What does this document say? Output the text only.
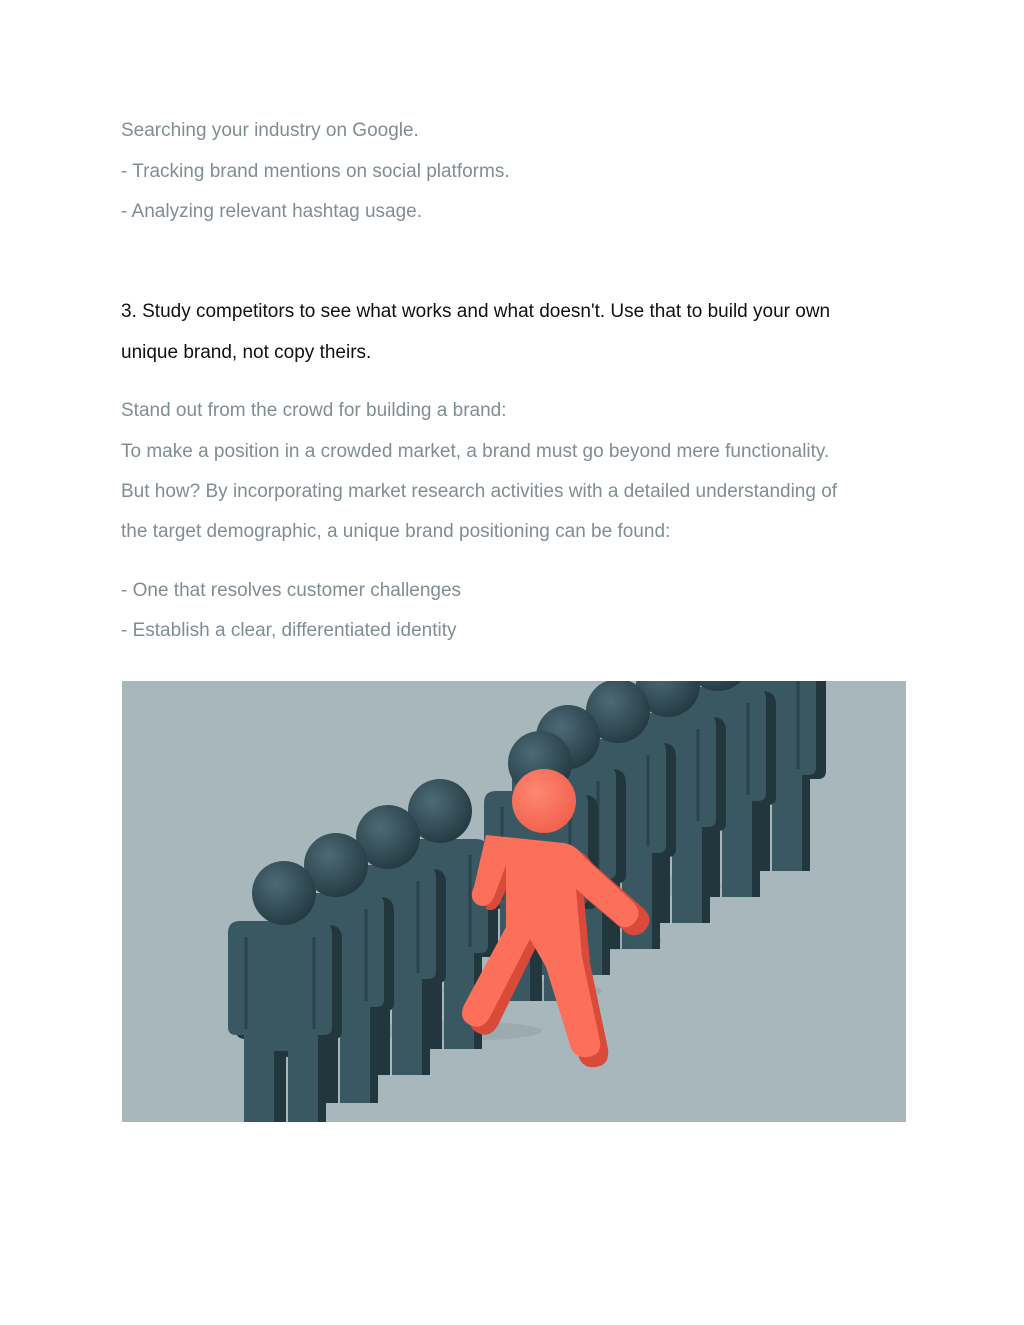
Searching your industry on Google.
- Tracking brand mentions on social platforms.
- Analyzing relevant hashtag usage.
3. Study competitors to see what works and what doesn't. Use that to build your own
unique brand, not copy theirs.
Stand out from the crowd for building a brand:
To make a position in a crowded market, a brand must go beyond mere functionality.
But how? By incorporating market research activities with a detailed understanding of
the target demographic, a unique brand positioning can be found:
- One that resolves customer challenges
- Establish a clear, differentiated identity
